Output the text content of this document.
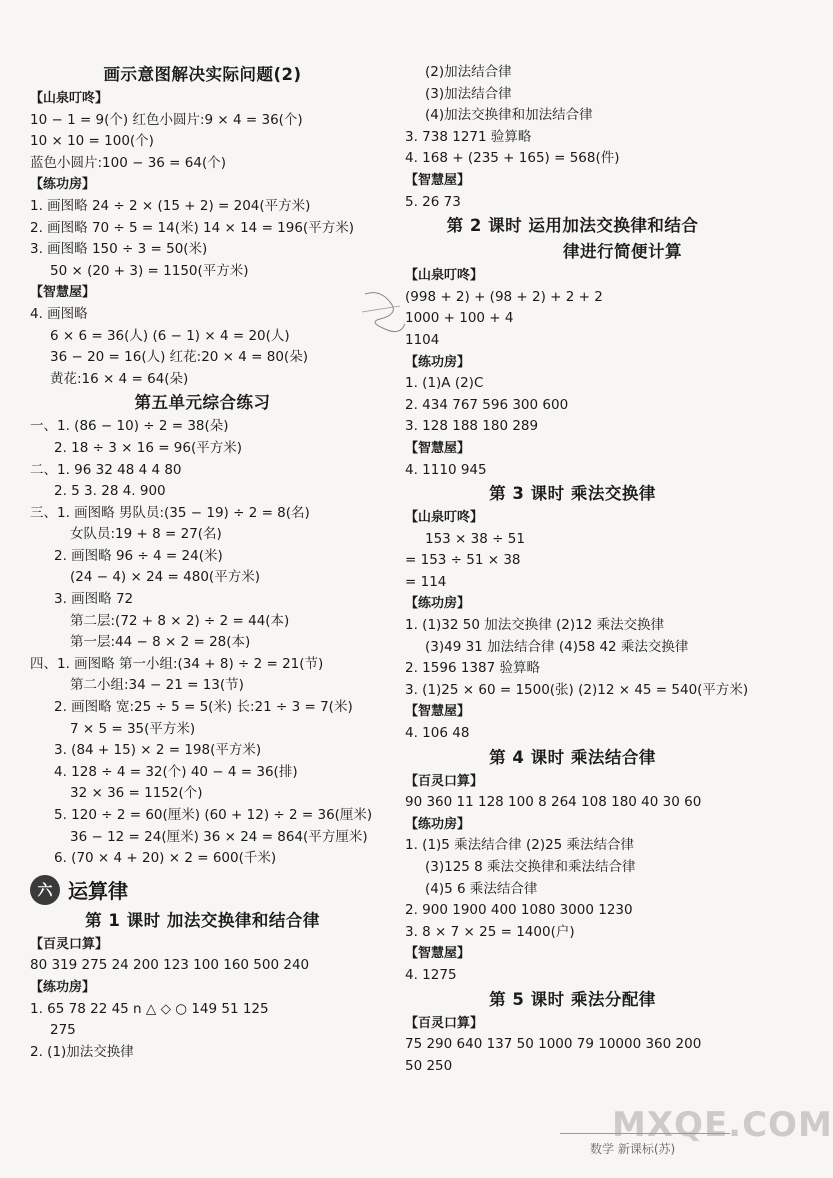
画示意图解决实际问题(2)
【山泉叮咚】
10 − 1 = 9(个) 红色小圆片:9 × 4 = 36(个)
10 × 10 = 100(个)
蓝色小圆片:100 − 36 = 64(个)
【练功房】
1. 画图略 24 ÷ 2 × (15 + 2) = 204(平方米)
2. 画图略 70 ÷ 5 = 14(米) 14 × 14 = 196(平方米)
3. 画图略 150 ÷ 3 = 50(米)
50 × (20 + 3) = 1150(平方米)
【智慧屋】
4. 画图略
6 × 6 = 36(人) (6 − 1) × 4 = 20(人)
36 − 20 = 16(人) 红花:20 × 4 = 80(朵)
黄花:16 × 4 = 64(朵)
第五单元综合练习
一、1. (86 − 10) ÷ 2 = 38(朵)
2. 18 ÷ 3 × 16 = 96(平方米)
二、1. 96 32 48 4 4 80
2. 5 3. 28 4. 900
三、1. 画图略 男队员:(35 − 19) ÷ 2 = 8(名)
女队员:19 + 8 = 27(名)
2. 画图略 96 ÷ 4 = 24(米)
(24 − 4) × 24 = 480(平方米)
3. 画图略 72
第二层:(72 + 8 × 2) ÷ 2 = 44(本)
第一层:44 − 8 × 2 = 28(本)
四、1. 画图略 第一小组:(34 + 8) ÷ 2 = 21(节)
第二小组:34 − 21 = 13(节)
2. 画图略 宽:25 ÷ 5 = 5(米) 长:21 ÷ 3 = 7(米)
7 × 5 = 35(平方米)
3. (84 + 15) × 2 = 198(平方米)
4. 128 ÷ 4 = 32(个) 40 − 4 = 36(排)
32 × 36 = 1152(个)
5. 120 ÷ 2 = 60(厘米) (60 + 12) ÷ 2 = 36(厘米)
36 − 12 = 24(厘米) 36 × 24 = 864(平方厘米)
6. (70 × 4 + 20) × 2 = 600(千米)
六 运算律
第 1 课时 加法交换律和结合律
【百灵口算】
80 319 275 24 200 123 100 160 500 240
【练功房】
1. 65 78 22 45 n △ ◇ ○ 149 51 125
275
2. (1)加法交换律
(2)加法结合律
(3)加法结合律
(4)加法交换律和加法结合律
3. 738 1271 验算略
4. 168 + (235 + 165) = 568(件)
【智慧屋】
5. 26 73
第 2 课时 运用加法交换律和结合
律进行简便计算
【山泉叮咚】
(998 + 2) + (98 + 2) + 2 + 2
1000 + 100 + 4
1104
【练功房】
1. (1)A (2)C
2. 434 767 596 300 600
3. 128 188 180 289
【智慧屋】
4. 1110 945
第 3 课时 乘法交换律
【山泉叮咚】
153 × 38 ÷ 51
= 153 ÷ 51 × 38
= 114
【练功房】
1. (1)32 50 加法交换律 (2)12 乘法交换律
(3)49 31 加法结合律 (4)58 42 乘法交换律
2. 1596 1387 验算略
3. (1)25 × 60 = 1500(张) (2)12 × 45 = 540(平方米)
【智慧屋】
4. 106 48
第 4 课时 乘法结合律
【百灵口算】
90 360 11 128 100 8 264 108 180 40 30 60
【练功房】
1. (1)5 乘法结合律 (2)25 乘法结合律
(3)125 8 乘法交换律和乘法结合律
(4)5 6 乘法结合律
2. 900 1900 400 1080 3000 1230
3. 8 × 7 × 25 = 1400(户)
【智慧屋】
4. 1275
第 5 课时 乘法分配律
【百灵口算】
75 290 640 137 50 1000 79 10000 360 200
50 250
数学 新课标(苏)
MXQE.COM
